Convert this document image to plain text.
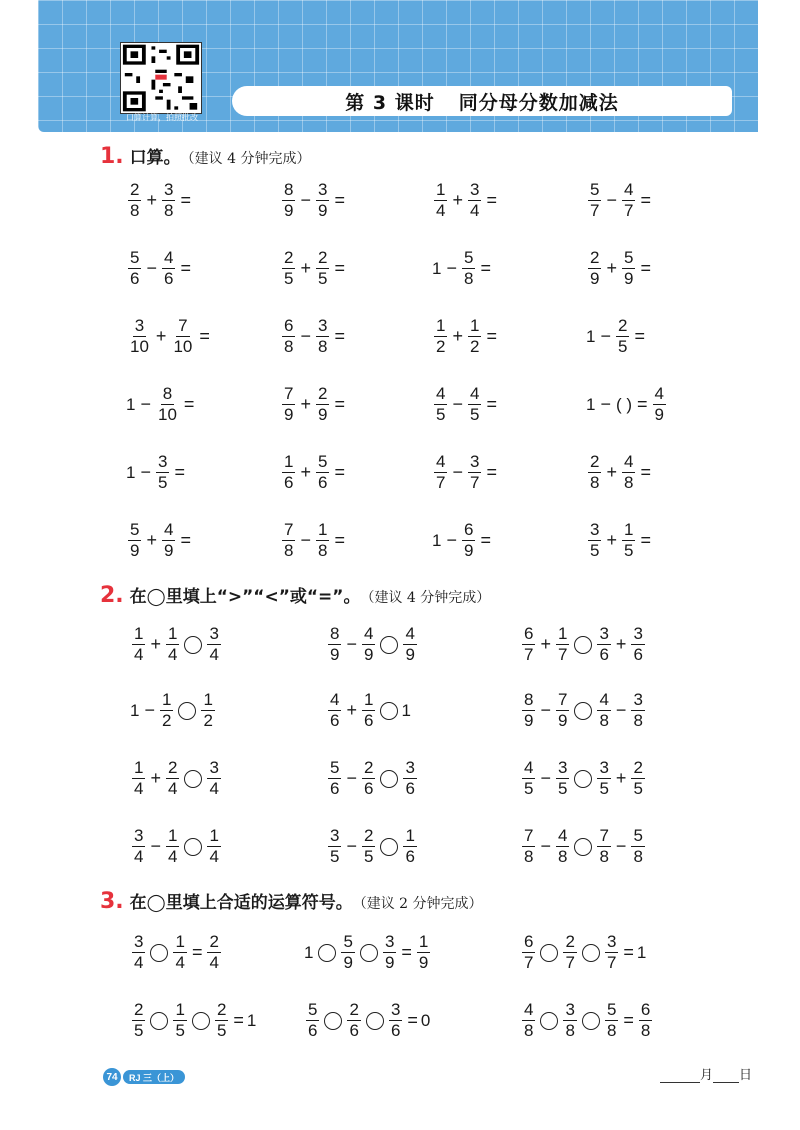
口算计算，拍照批改
第 3 课时 同分母分数加减法
1. 口算。 （建议 4 分钟完成）
2. 在◯里填上“>”“<”或“=”。 （建议 4 分钟完成）
3. 在◯里填上合适的运算符号。 （建议 2 分钟完成）
$\frac{2}{8} + \frac{3}{8}$ =	$\frac{8}{9} - \frac{3}{9}$ =	$\frac{1}{4} + \frac{3}{4}$ =	$\frac{5}{7} - \frac{4}{7}$ =
$\frac{5}{6} - \frac{4}{6}$ =	$\frac{2}{5} + \frac{2}{5}$ =	$1 - \frac{5}{8}$ =	$\frac{2}{9} + \frac{5}{9}$ =
$\frac{3}{10} + \frac{7}{10}$ =	$\frac{6}{8} - \frac{3}{8}$ =	$\frac{1}{2} + \frac{1}{2}$ =	$1 - \frac{2}{5}$ =
$1 - \frac{8}{10}$ =	$\frac{7}{9} + \frac{2}{9}$ =	$\frac{4}{5} - \frac{4}{5}$ =	1 − ( ) = $\frac{4}{9}$
$1 - \frac{3}{5}$ =	$\frac{1}{6} + \frac{5}{6}$ =	$\frac{4}{7} - \frac{3}{7}$ =	$\frac{2}{8} + \frac{4}{8}$ =
$\frac{5}{9} + \frac{4}{9}$ =	$\frac{7}{8} - \frac{1}{8}$ =	$1 - \frac{6}{9}$ =	$\frac{3}{5} + \frac{1}{5}$ =
$\frac{1}{4} + \frac{1}{4} \frac{3}{4}$	$\frac{8}{9} - \frac{4}{9} \frac{4}{9}$	$\frac{6}{7} + \frac{1}{7} \frac{3}{6} + \frac{3}{6}$
$1 - \frac{1}{2} \frac{1}{2}$	$\frac{4}{6} + \frac{1}{6} 1$	$\frac{8}{9} - \frac{7}{9} \frac{4}{8} - \frac{3}{8}$
$\frac{1}{4} + \frac{2}{4} \frac{3}{4}$	$\frac{5}{6} - \frac{2}{6} \frac{3}{6}$	$\frac{4}{5} - \frac{3}{5} \frac{3}{5} + \frac{2}{5}$
$\frac{3}{4} - \frac{1}{4} \frac{1}{4}$	$\frac{3}{5} - \frac{2}{5} \frac{1}{6}$	$\frac{7}{8} - \frac{4}{8} \frac{7}{8} - \frac{5}{8}$
$\frac{3}{4} \frac{1}{4} = \frac{2}{4}$	$1 \frac{5}{9} \frac{3}{9} = \frac{1}{9}$	$\frac{6}{7} \frac{2}{7} \frac{3}{7} = 1$
$\frac{2}{5} \frac{1}{5} \frac{2}{5} = 1$	$\frac{5}{6} \frac{2}{6} \frac{3}{6} = 0$	$\frac{4}{8} \frac{3}{8} \frac{5}{8} = \frac{6}{8}$
74	RJ 三（上）	月 日
